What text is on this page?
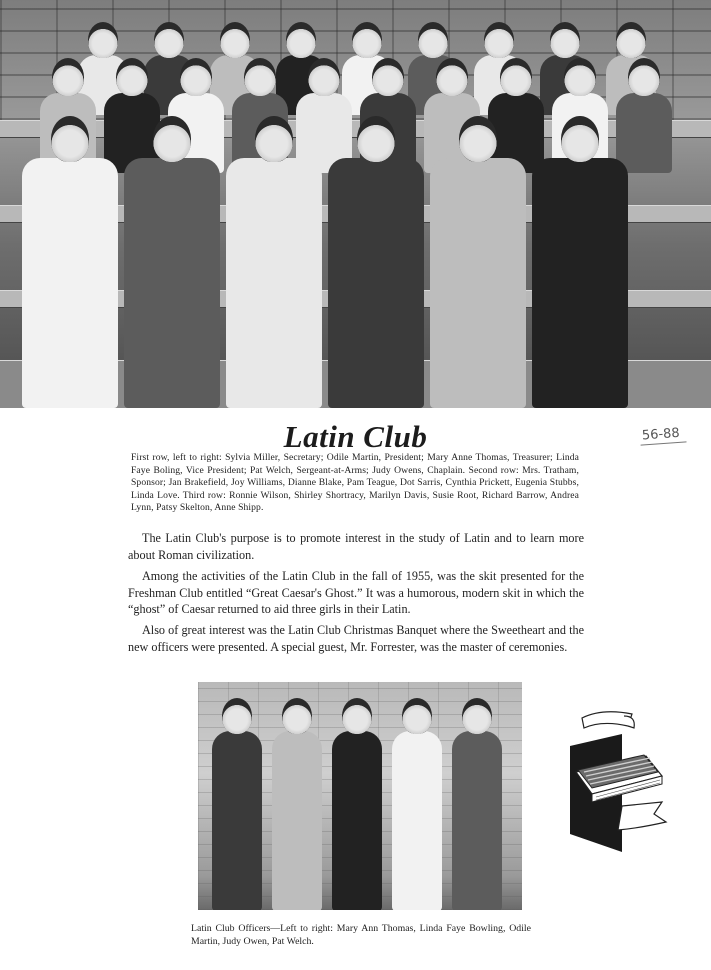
56-88
Latin Club
First row, left to right: Sylvia Miller, Secretary; Odile Martin, President; Mary Anne Thomas, Treasurer; Linda Faye Boling, Vice President; Pat Welch, Sergeant-at-Arms; Judy Owens, Chaplain. Second row: Mrs. Tratham, Sponsor; Jan Brakefield, Joy Williams, Dianne Blake, Pam Teague, Dot Sarris, Cynthia Prickett, Eugenia Stubbs, Linda Love. Third row: Ronnie Wilson, Shirley Shortracy, Marilyn Davis, Susie Root, Richard Barrow, Andrea Lynn, Patsy Skelton, Anne Shipp.
The Latin Club's purpose is to promote interest in the study of Latin and to learn more about Roman civilization.
Among the activities of the Latin Club in the fall of 1955, was the skit presented for the Freshman Club entitled “Great Caesar's Ghost.” It was a humorous, modern skit in which the “ghost” of Caesar returned to aid three girls in their Latin.
Also of great interest was the Latin Club Christmas Banquet where the Sweetheart and the new officers were presented. A special guest, Mr. Forrester, was the master of ceremonies.
Latin Club Officers—Left to right: Mary Ann Thomas, Linda Faye Bowling, Odile Martin, Judy Owen, Pat Welch.
